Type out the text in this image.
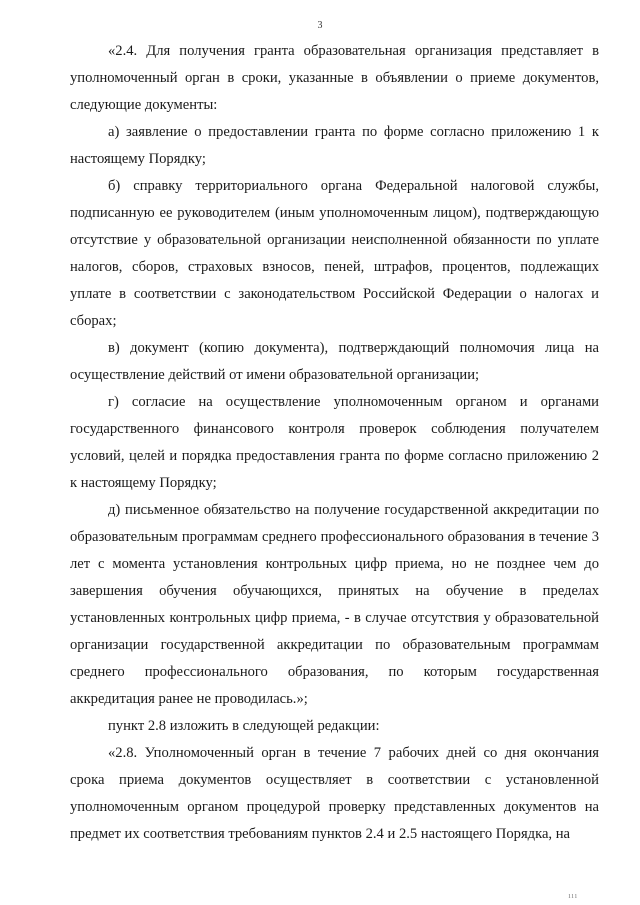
3

«2.4. Для получения гранта образовательная организация представляет в уполномоченный орган в сроки, указанные в объявлении о приеме документов, следующие документы:

а) заявление о предоставлении гранта по форме согласно приложению 1 к настоящему Порядку;

б) справку территориального органа Федеральной налоговой службы, подписанную ее руководителем (иным уполномоченным лицом), подтверждающую отсутствие у образовательной организации неисполненной обязанности по уплате налогов, сборов, страховых взносов, пеней, штрафов, процентов, подлежащих уплате в соответствии с законодательством Российской Федерации о налогах и сборах;

в) документ (копию документа), подтверждающий полномочия лица на осуществление действий от имени образовательной организации;

г) согласие на осуществление уполномоченным органом и органами государственного финансового контроля проверок соблюдения получателем условий, целей и порядка предоставления гранта по форме согласно приложению 2 к настоящему Порядку;

д) письменное обязательство на получение государственной аккредитации по образовательным программам среднего профессионального образования в течение 3 лет с момента установления контрольных цифр приема, но не позднее чем до завершения обучения обучающихся, принятых на обучение в пределах установленных контрольных цифр приема, - в случае отсутствия у образовательной организации государственной аккредитации по образовательным программам среднего профессионального образования, по которым государственная аккредитация ранее не проводилась.»;

пункт 2.8 изложить в следующей редакции:

«2.8. Уполномоченный орган в течение 7 рабочих дней со дня окончания срока приема документов осуществляет в соответствии с установленной уполномоченным органом процедурой проверку представленных документов на предмет их соответствия требованиям пунктов 2.4 и 2.5 настоящего Порядка, на

ııı
